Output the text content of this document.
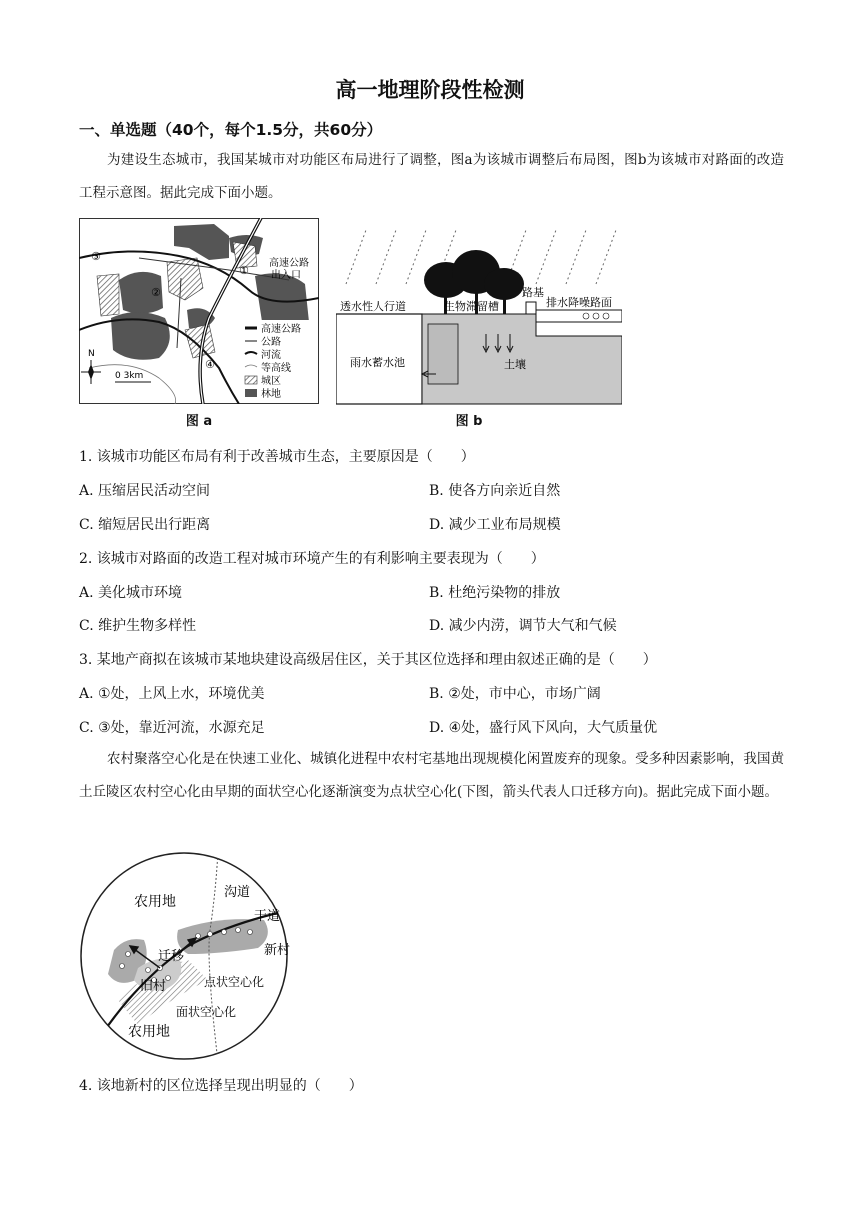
高一地理阶段性检测
一、单选题（40个，每个1.5分，共60分）
为建设生态城市，我国某城市对功能区布局进行了调整，图a为该城市调整后布局图，图b为该城市对路面的改造工程示意图。据此完成下面小题。
③
②
①
④
高速公路
出入口
N
0 3km
高速公路
公路
河流
等高线
城区
林地
图 a
透水性人行道	生物滞留槽
路基
排水降噪路面
雨水蓄水池	土壤
图 b
1. 该城市功能区布局有利于改善城市生态，主要原因是（　　）
A. 压缩居民活动空间	B. 使各方向亲近自然
C. 缩短居民出行距离	D. 减少工业布局规模
2. 该城市对路面的改造工程对城市环境产生的有利影响主要表现为（　　）
A. 美化城市环境	B. 杜绝污染物的排放
C. 维护生物多样性	D. 减少内涝，调节大气和气候
3. 某地产商拟在该城市某地块建设高级居住区，关于其区位选择和理由叙述正确的是（　　）
A. ①处，上风上水，环境优美	B. ②处，市中心，市场广阔
C. ③处，靠近河流，水源充足	D. ④处，盛行风下风向，大气质量优
农村聚落空心化是在快速工业化、城镇化进程中农村宅基地出现规模化闲置废弃的现象。受多种因素影响，我国黄土丘陵区农村空心化由早期的面状空心化逐渐演变为点状空心化(下图，箭头代表人口迁移方向)。据此完成下面小题。
农用地
沟道
干道
迁移	新村
旧村	点状空心化
面状空心化
农用地
4. 该地新村的区位选择呈现出明显的（　　）
